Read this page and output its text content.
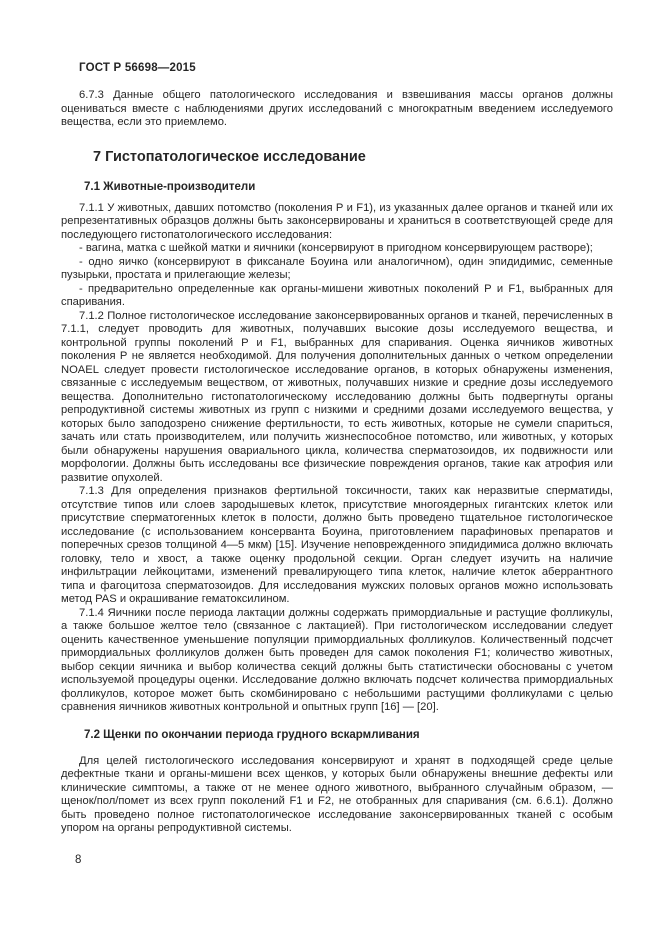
ГОСТ Р 56698—2015

6.7.3 Данные общего патологического исследования и взвешивания массы органов должны оцениваться вместе с наблюдениями других исследований с многократным введением исследуемого вещества, если это приемлемо.

7 Гистопатологическое исследование
7.1 Животные-производители

7.1.1 У животных, давших потомство (поколения Р и F1), из указанных далее органов и тканей или их репрезентативных образцов должны быть законсервированы и храниться в соответствующей среде для последующего гистопатологического исследования:

- вагина, матка с шейкой матки и яичники (консервируют в пригодном консервирующем растворе);

- одно яичко (консервируют в фиксанале Боуина или аналогичном), один эпидидимис, семенные пузырьки, простата и прилегающие железы;

- предварительно определенные как органы-мишени животных поколений Р и F1, выбранных для спаривания.

7.1.2 Полное гистологическое исследование законсервированных органов и тканей, перечисленных в 7.1.1, следует проводить для животных, получавших высокие дозы исследуемого вещества, и контрольной группы поколений Р и F1, выбранных для спаривания. Оценка яичников животных поколения Р не является необходимой. Для получения дополнительных данных о четком определении NOAEL следует провести гистологическое исследование органов, в которых обнаружены изменения, связанные с исследуемым веществом, от животных, получавших низкие и средние дозы исследуемого вещества. Дополнительно гистопатологическому исследованию должны быть подвергнуты органы репродуктивной системы животных из групп с низкими и средними дозами исследуемого вещества, у которых было заподозрено снижение фертильности, то есть животных, которые не сумели спариться, зачать или стать производителем, или получить жизнеспособное потомство, или животных, у которых были обнаружены нарушения овариального цикла, количества сперматозоидов, их подвижности или морфологии. Должны быть исследованы все физические повреждения органов, такие как атрофия или развитие опухолей.

7.1.3 Для определения признаков фертильной токсичности, таких как неразвитые сперматиды, отсутствие типов или слоев зародышевых клеток, присутствие многоядерных гигантских клеток или присутствие сперматогенных клеток в полости, должно быть проведено тщательное гистологическое исследование (с использованием консерванта Боуина, приготовлением парафиновых препаратов и поперечных срезов толщиной 4—5 мкм) [15]. Изучение неповрежденного эпидидимиса должно включать головку, тело и хвост, а также оценку продольной секции. Орган следует изучить на наличие инфильтрации лейкоцитами, изменений превалирующего типа клеток, наличие клеток аберрантного типа и фагоцитоза сперматозоидов. Для исследования мужских половых органов можно использовать метод PAS и окрашивание гематоксилином.

7.1.4 Яичники после периода лактации должны содержать примордиальные и растущие фолликулы, а также большое желтое тело (связанное с лактацией). При гистологическом исследовании следует оценить качественное уменьшение популяции примордиальных фолликулов. Количественный подсчет примордиальных фолликулов должен быть проведен для самок поколения F1; количество животных, выбор секции яичника и выбор количества секций должны быть статистически обоснованы с учетом используемой процедуры оценки. Исследование должно включать подсчет количества примордиальных фолликулов, которое может быть скомбинировано с небольшими растущими фолликулами с целью сравнения яичников животных контрольной и опытных групп [16] — [20].

7.2 Щенки по окончании периода грудного вскармливания

Для целей гистологического исследования консервируют и хранят в подходящей среде целые дефектные ткани и органы-мишени всех щенков, у которых были обнаружены внешние дефекты или клинические симптомы, а также от не менее одного животного, выбранного случайным образом, — щенок/пол/помет из всех групп поколений F1 и F2, не отобранных для спаривания (см. 6.6.1). Должно быть проведено полное гистопатологическое исследование законсервированных тканей с особым упором на органы репродуктивной системы.

8
